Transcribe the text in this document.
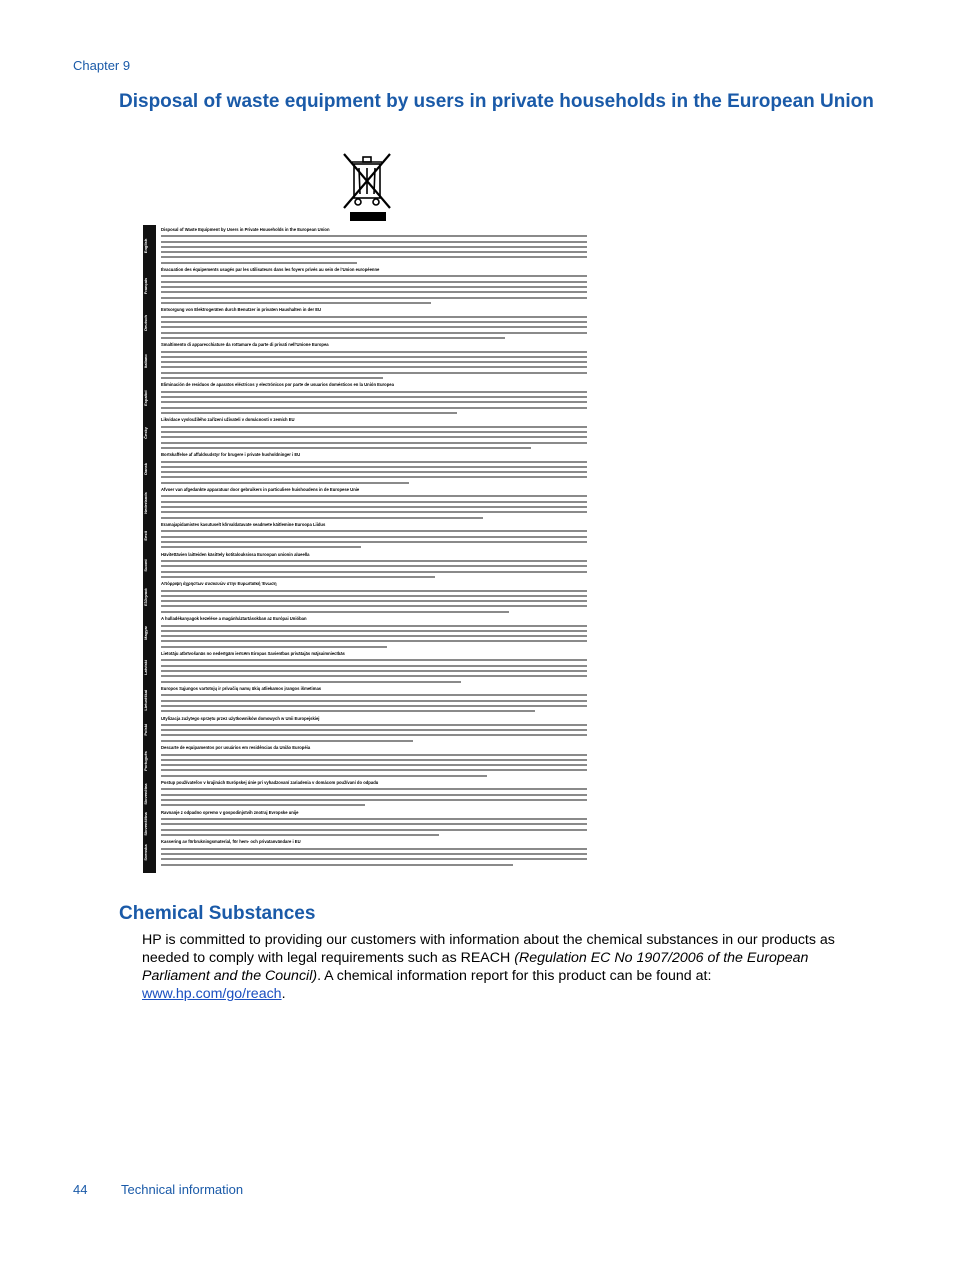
Chapter 9
Disposal of waste equipment by users in private households in the European Union
English
Français
Deutsch
Italiano
Español
Česky
Dansk
Nederlands
Eesti
Suomi
Ελληνικά
Magyar
Latviski
Lietuviškai
Polski
Português
Slovenčina
Slovenščina
Svenska
Disposal of Waste Equipment by Users in Private Households in the European Union
Évacuation des équipements usagés par les utilisateurs dans les foyers privés au sein de l'Union européenne
Entsorgung von Elektrogeräten durch Benutzer in privaten Haushalten in der EU
Smaltimento di apparecchiature da rottamare da parte di privati nell'Unione Europea
Eliminación de residuos de aparatos eléctricos y electrónicos por parte de usuarios domésticos en la Unión Europea
Likvidace vysloužilého zařízení uživateli v domácnosti v zemích EU
Bortskaffelse af affaldsudstyr for brugere i private husholdninger i EU
Afvoer van afgedankte apparatuur door gebruikers in particuliere huishoudens in de Europese Unie
Eramajapidamistes kasutuselt kõrvaldatavate seadmete käitlemine Euroopa Liidus
Hävitettävien laitteiden käsittely kotitalouksissa Euroopan unionin alueella
Απόρριψη άχρηστων συσκευών στην Ευρωπαϊκή Ένωση
A hulladékanyagok kezelése a magánháztartásokban az Európai Unióban
Lietotāju atbrīvošanās no nederīgām ierīcēm Eiropas Savienības privātajās mājsaimniecībās
Europos Sąjungos vartotojų ir privačių namų ūkių atliekamos įrangos išmetimas
Utylizacja zużytego sprzętu przez użytkowników domowych w Unii Europejskiej
Descarte de equipamentos por usuários em residências da União Européia
Postup používateľov v krajinách Európskej únie pri vyhadzovaní zariadenia v domácom používaní do odpadu
Ravnanje z odpadno opremo v gospodinjstvih znotraj Evropske unije
Kassering av förbrukningsmaterial, för hem- och privatanvändare i EU
Chemical Substances

HP is committed to providing our customers with information about the chemical substances in our products as needed to comply with legal requirements such as REACH (Regulation EC No 1907/2006 of the European Parliament and the Council). A chemical information report for this product can be found at: www.hp.com/go/reach.

44	Technical information
